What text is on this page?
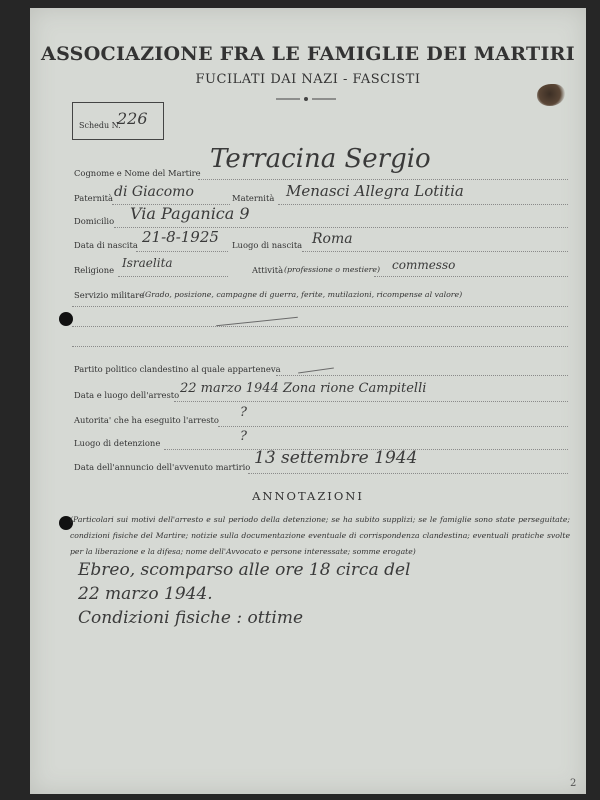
ASSOCIAZIONE FRA LE FAMIGLIE DEI MARTIRI
FUCILATI DAI NAZI - FASCISTI
Schedu N.
226
Cognome e Nome del Martire Terracina Sergio
Paternità di Giacomo	Maternità Menasci Allegra Lotitia
Domicilio Via Paganica 9
Data di nascita 21-8-1925 Luogo di nascita Roma
Religione Israelita	Attività (professione o mestiere) commesso
Servizio militare
(Grado, posizione, campagne di guerra, ferite, mutilazioni, ricompense al valore)
Partito politico clandestino al quale apparteneva
Data e luogo dell'arresto 22 marzo 1944 Zona rione Campitelli
Autorita' che ha eseguito l'arresto ?
Luogo di detenzione	?
Data dell'annuncio dell'avvenuto martirio 13 settembre 1944
ANNOTAZIONI
(Particolari sui motivi dell'arresto e sul periodo della detenzione; se ha subito supplizi; se le famiglie sono state perseguitate; condizioni fisiche del Martire; notizie sulla documentazione eventuale di corrispondenza clandestina; eventuali pratiche svolte per la liberazione e la difesa; nome dell'Avvocato e persone interessate; somme erogate)
Ebreo, scomparso alle ore 18 circa del
22 marzo 1944.
Condizioni fisiche : ottime
2
